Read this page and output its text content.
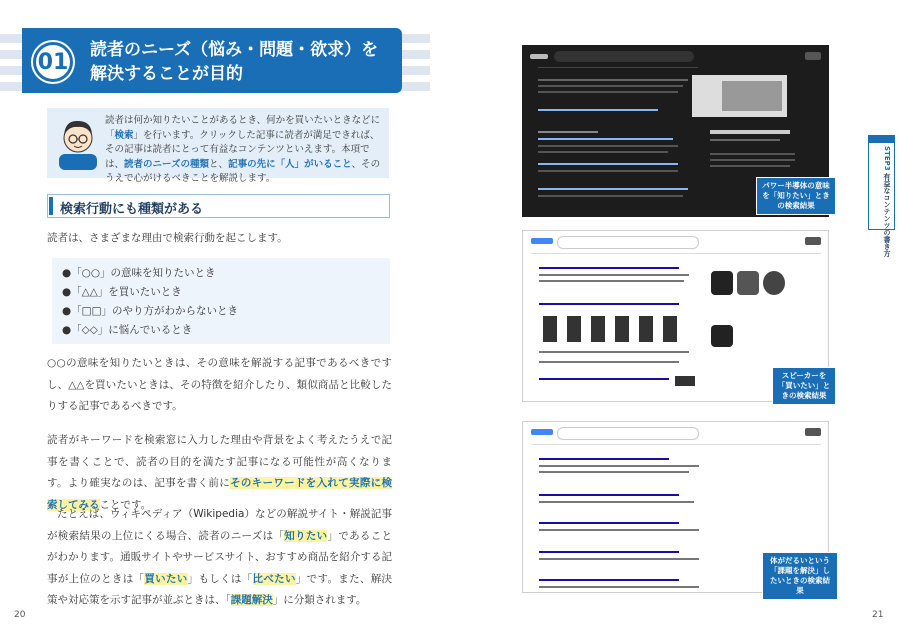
01 読者のニーズ（悩み・問題・欲求）を解決することが目的
読者は何か知りたいことがあるとき、何かを買いたいときなどに「検索」を行います。クリックした記事に読者が満足できれば、その記事は読者にとって有益なコンテンツといえます。本項では、読者のニーズの種類と、記事の先に「人」がいること、そのうえで心がけるべきことを解説します。
検索行動にも種類がある
読者は、さまざまな理由で検索行動を起こします。
●「○○」の意味を知りたいとき
●「△△」を買いたいとき
●「□□」のやり方がわからないとき
●「◇◇」に悩んでいるとき
○○の意味を知りたいときは、その意味を解説する記事であるべきですし、△△を買いたいときは、その特徴を紹介したり、類似商品と比較したりする記事であるべきです。
読者がキーワードを検索窓に入力した理由や背景をよく考えたうえで記事を書くことで、読者の目的を満たす記事になる可能性が高くなります。より確実なのは、記事を書く前にそのキーワードを入れて実際に検索してみることです。
たとえば、ウィキペディア（Wikipedia）などの解説サイト・解説記事が検索結果の上位にくる場合、読者のニーズは「知りたい」であることがわかります。通販サイトやサービスサイト、おすすめ商品を紹介する記事が上位のときは「買いたい」もしくは「比べたい」です。また、解決策や対応策を示す記事が並ぶときは、「課題解決」に分類されます。
20
パワー半導体の意味を「知りたい」ときの検索結果
スピーカーを「買いたい」ときの検索結果
体がだるいという「課題を解決」したいときの検索結果
STEP3 有益なコンテンツの書き方
21
